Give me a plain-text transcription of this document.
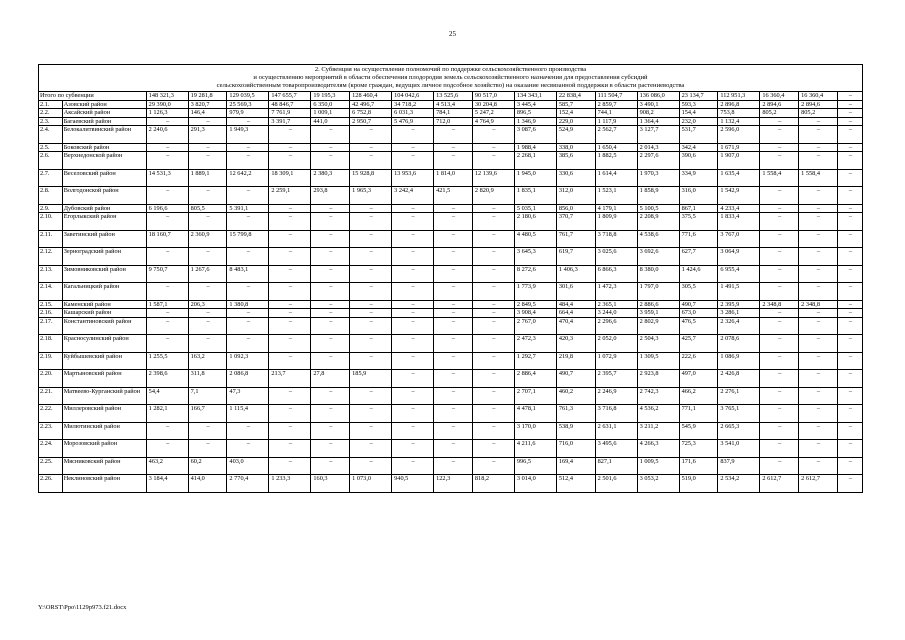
25
2. Субвенция на осуществление полномочий по поддержке сельскохозяйственного производства
и осуществлению мероприятий в области обеспечения плодородия земель сельскохозяйственного назначения для предоставления субсидий
сельскохозяйственным товаропроизводителям (кроме граждан, ведущих личное подсобное хозяйство) на оказание несвязанной поддержки в области растениеводства																			

Итого по субвенции		148 321,3	19 281,8	129 039,5	147 655,7	19 195,3	128 460,4	104 042,6	13 525,6	90 517,0	134 343,1	22 838,4	111 504,7	136 086,0	23 134,7	112 951,3	16 360,4	16 360,4	–
2.1.	Азовский район	29 390,0	3 820,7	25 569,3	48 846,7	6 350,0	42 496,7	34 718,2	4 513,4	30 204,8	3 445,4	585,7	2 859,7	3 490,1	593,3	2 896,8	2 894,6	2 894,6	–
2.2.	Аксайский район	1 126,3	146,4	979,9	7 761,9	1 009,1	6 752,8	6 031,3	784,1	5 247,2	896,5	152,4	744,1	908,2	154,4	753,8	805,2	805,2	–
2.3.	Багаевский район	–	–	–	3 391,7	441,0	2 950,7	5 476,9	712,0	4 764,9	1 346,9	229,0	1 117,9	1 364,4	232,0	1 132,4	–	–	–
2.4.	Белокалитвинский район	2 240,6	291,3	1 949,3	–	–	–	–	–	–	3 087,6	524,9	2 562,7	3 127,7	531,7	2 596,0	–	–	–
2.5.	Боковский район	–	–	–	–	–	–	–	–	–	1 988,4	338,0	1 650,4	2 014,3	342,4	1 671,9	–	–	–
2.6.	Верхнедонской район	–	–	–	–	–	–	–	–	–	2 268,1	385,6	1 882,5	2 297,6	390,6	1 907,0	–	–	–
2.7.	Веселовский район	14 531,3	1 889,1	12 642,2	18 309,1	2 380,3	15 928,8	13 953,6	1 814,0	12 139,6	1 945,0	330,6	1 614,4	1 970,3	334,9	1 635,4	1 558,4	1 558,4	–
2.8.	Волгодонской район	–	–	–	2 259,1	293,8	1 965,3	3 242,4	421,5	2 820,9	1 835,1	312,0	1 523,1	1 858,9	316,0	1 542,9	–	–	–
2.9.	Дубовский район	6 196,6	805,5	5 391,1	–	–	–	–	–	–	5 035,1	856,0	4 179,1	5 100,5	867,1	4 233,4	–	–	–
2.10.	Егорлыкский район	–	–	–	–	–	–	–	–	–	2 180,6	370,7	1 809,9	2 208,9	375,5	1 833,4	–	–	–
2.11.	Заветинский район	18 160,7	2 360,9	15 799,8	–	–	–	–	–	–	4 480,5	761,7	3 718,8	4 538,6	771,6	3 767,0	–	–	–
2.12.	Зерноградский район	–	–	–	–	–	–	–	–	–	3 645,3	619,7	3 025,6	3 692,6	627,7	3 064,9	–	–	–
2.13.	Зимовниковский район	9 750,7	1 267,6	8 483,1	–	–	–	–	–	–	8 272,6	1 406,3	6 866,3	8 380,0	1 424,6	6 955,4	–	–	–
2.14.	Кагальницкий район	–	–	–	–	–	–	–	–	–	1 773,9	301,6	1 472,3	1 797,0	305,5	1 491,5	–	–	–
2.15.	Каменский район	1 587,1	206,3	1 380,8	–	–	–	–	–	–	2 849,5	484,4	2 365,1	2 886,6	490,7	2 395,9	2 348,8	2 348,8	–
2.16.	Кашарский район	–	–	–	–	–	–	–	–	–	3 908,4	664,4	3 244,0	3 959,1	673,0	3 286,1	–	–	–
2.17.	Константиновский район	–	–	–	–	–	–	–	–	–	2 767,0	470,4	2 296,6	2 802,9	476,5	2 326,4	–	–	–
2.18.	Красносулинский район	–	–	–	–	–	–	–	–	–	2 472,3	420,3	2 052,0	2 504,3	425,7	2 078,6	–	–	–
2.19.	Куйбышевский район	1 255,5	163,2	1 092,3	–	–	–	–	–	–	1 292,7	219,8	1 072,9	1 309,5	222,6	1 086,9	–	–	–
2.20.	Мартыновский район	2 398,6	311,8	2 086,8	213,7	27,8	185,9	–	–	–	2 886,4	490,7	2 395,7	2 923,8	497,0	2 426,8	–	–	–
2.21.	Матвеево-Курганский район	54,4	7,1	47,3	–	–	–	–	–	–	2 707,1	460,2	2 246,9	2 742,3	466,2	2 276,1	–	–	–
2.22.	Миллеровский район	1 282,1	166,7	1 115,4	–	–	–	–	–	–	4 478,1	761,3	3 716,8	4 536,2	771,1	3 765,1	–	–	–
2.23.	Милютинский район	–	–	–	–	–	–	–	–	–	3 170,0	538,9	2 631,1	3 211,2	545,9	2 665,3	–	–	–
2.24.	Морозовский район	–	–	–	–	–	–	–	–	–	4 211,6	716,0	3 495,6	4 266,3	725,3	3 541,0	–	–	–
2.25.	Мясниковский район	463,2	60,2	403,0	–	–	–	–	–	–	996,5	169,4	827,1	1 009,5	171,6	837,9	–	–	–
2.26.	Неклиновский район	3 184,4	414,0	2 770,4	1 233,3	160,3	1 073,0	940,5	122,3	818,2	3 014,0	512,4	2 501,6	3 053,2	519,0	2 534,2	2 612,7	2 612,7	–
Y:\ORST\Ppo\1129p973.f21.docx
